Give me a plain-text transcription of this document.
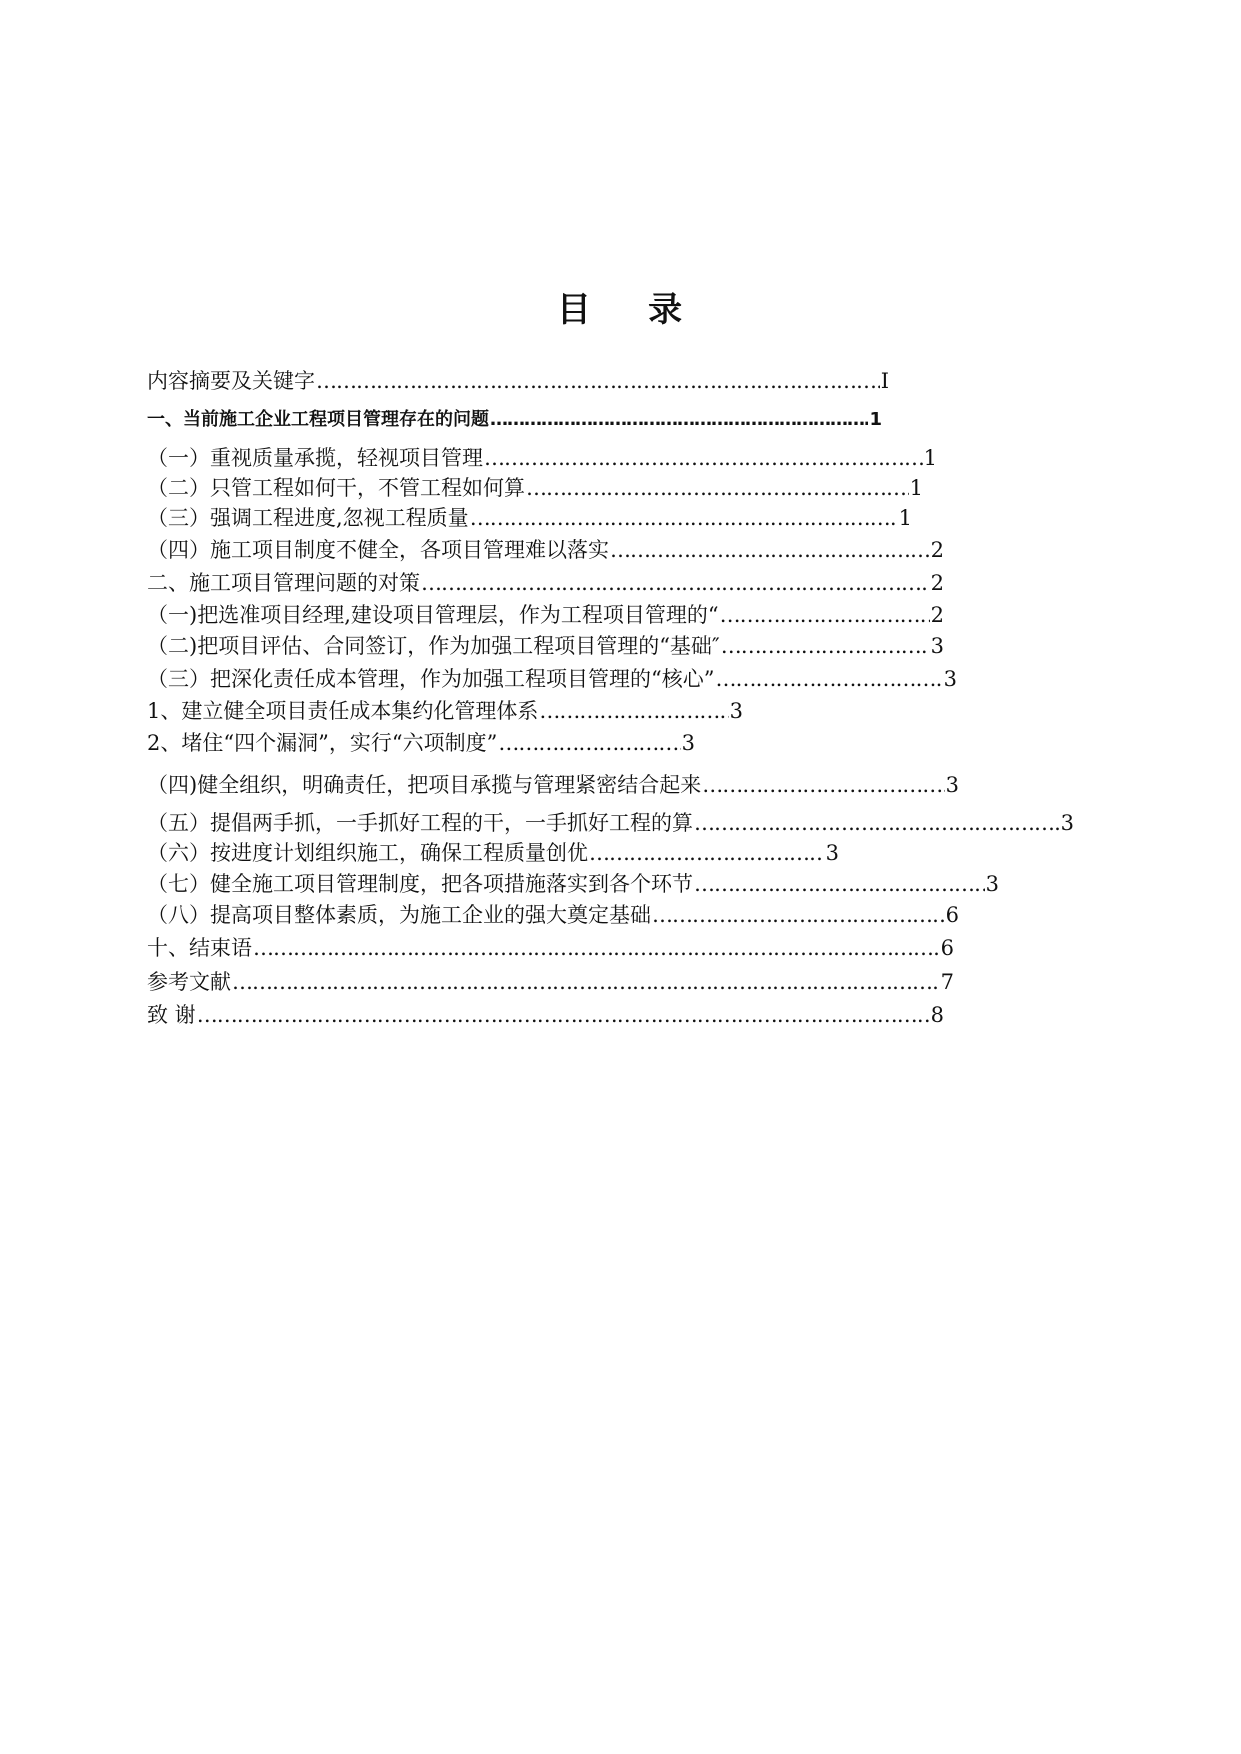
目    录
内容摘要及关键字 ……………………………………………………………………………………………………………………………………………………………………	Ⅰ
一、当前施工企业工程项目管理存在的问题 ……………………………………………………………………………………………………………………………………………………………………	1
（一）重视质量承揽，轻视项目管理 ……………………………………………………………………………………………………………………………………………………………………	1
（二）只管工程如何干，不管工程如何算 ……………………………………………………………………………………………………………………………………………………………………	1
（三）强调工程进度,忽视工程质量 ……………………………………………………………………………………………………………………………………………………………………	1
（四）施工项目制度不健全，各项目管理难以落实 ……………………………………………………………………………………………………………………………………………………………………	2
二、施工项目管理问题的对策 ……………………………………………………………………………………………………………………………………………………………………	2
（一)把选准项目经理,建设项目管理层，作为工程项目管理的“ ……………………………………………………………………………………………………………………………………………………………………	2
（二)把项目评估、合同签订，作为加强工程项目管理的“基础″ ……………………………………………………………………………………………………………………………………………………………………	3
（三）把深化责任成本管理，作为加强工程项目管理的“核心” ……………………………………………………………………………………………………………………………………………………………………	3
1、建立健全项目责任成本集约化管理体系 ……………………………………………………………………………………………………………………………………………………………………	3
2、堵住“四个漏洞”，实行“六项制度” ……………………………………………………………………………………………………………………………………………………………………	3
（四)健全组织，明确责任，把项目承揽与管理紧密结合起来 ……………………………………………………………………………………………………………………………………………………………………	3
（五）提倡两手抓，一手抓好工程的干，一手抓好工程的算 ……………………………………………………………………………………………………………………………………………………………………	3
（六）按进度计划组织施工，确保工程质量创优 ……………………………………………………………………………………………………………………………………………………………………	3
（七）健全施工项目管理制度，把各项措施落实到各个环节 ……………………………………………………………………………………………………………………………………………………………………	3
（八）提高项目整体素质，为施工企业的强大奠定基础 ……………………………………………………………………………………………………………………………………………………………………	6
十、结束语 ……………………………………………………………………………………………………………………………………………………………………	6
参考文献 ……………………………………………………………………………………………………………………………………………………………………	7
致 谢 ……………………………………………………………………………………………………………………………………………………………………	8
